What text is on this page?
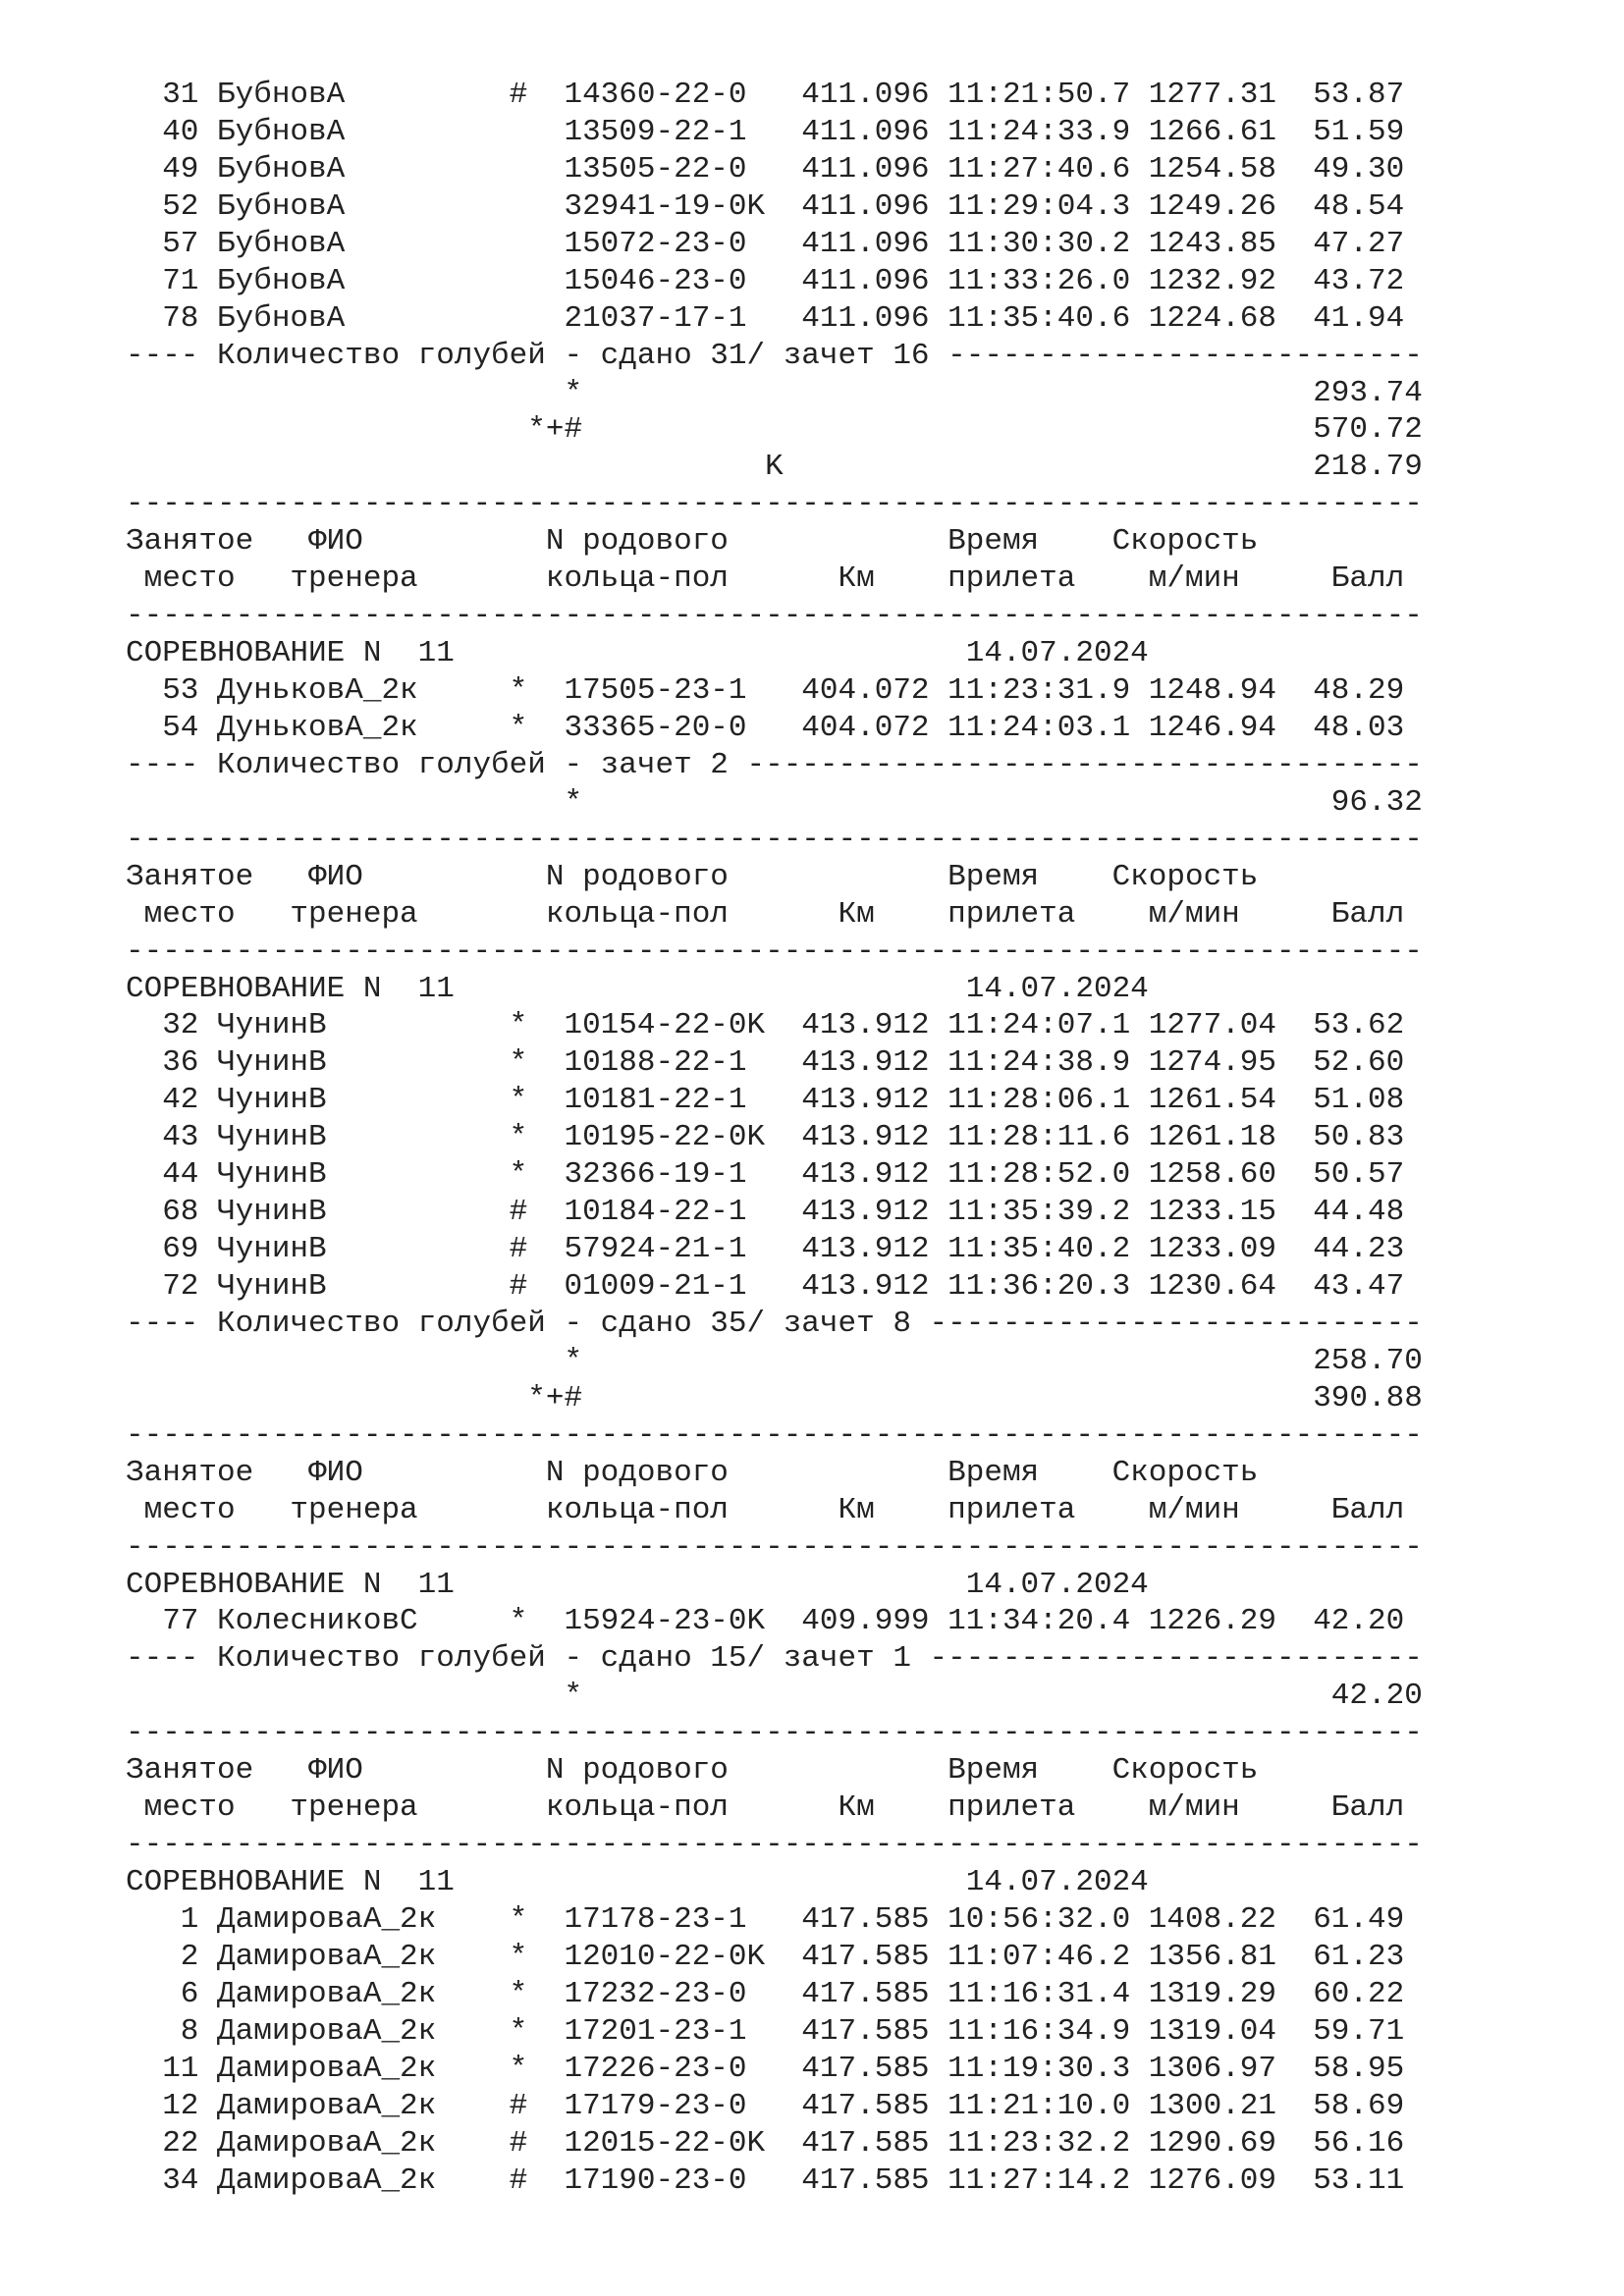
31 БубновА         #  14360-22-0   411.096 11:21:50.7 1277.31  53.87
40 БубновА            13509-22-1   411.096 11:24:33.9 1266.61  51.59
49 БубновА            13505-22-0   411.096 11:27:40.6 1254.58  49.30
52 БубновА            32941-19-0K  411.096 11:29:04.3 1249.26  48.54
57 БубновА            15072-23-0   411.096 11:30:30.2 1243.85  47.27
71 БубновА            15046-23-0   411.096 11:33:26.0 1232.92  43.72
78 БубновА            21037-17-1   411.096 11:35:40.6 1224.68  41.94
---- Количество голубей - сдано 31/ зачет 16 --------------------------
*                                        293.74
*+#                                        570.72
K                             218.79
-----------------------------------------------------------------------
Занятое   ФИО          N родового            Время    Скорость
место   тренера       кольца-пол      Км    прилета    м/мин     Балл
-----------------------------------------------------------------------
СОРЕВНОВАНИЕ N  11                            14.07.2024
53 ДуньковА_2к     *  17505-23-1   404.072 11:23:31.9 1248.94  48.29
54 ДуньковА_2к     *  33365-20-0   404.072 11:24:03.1 1246.94  48.03
---- Количество голубей - зачет 2 -------------------------------------
*                                         96.32
-----------------------------------------------------------------------
Занятое   ФИО          N родового            Время    Скорость
место   тренера       кольца-пол      Км    прилета    м/мин     Балл
-----------------------------------------------------------------------
СОРЕВНОВАНИЕ N  11                            14.07.2024
32 ЧунинВ          *  10154-22-0K  413.912 11:24:07.1 1277.04  53.62
36 ЧунинВ          *  10188-22-1   413.912 11:24:38.9 1274.95  52.60
42 ЧунинВ          *  10181-22-1   413.912 11:28:06.1 1261.54  51.08
43 ЧунинВ          *  10195-22-0K  413.912 11:28:11.6 1261.18  50.83
44 ЧунинВ          *  32366-19-1   413.912 11:28:52.0 1258.60  50.57
68 ЧунинВ          #  10184-22-1   413.912 11:35:39.2 1233.15  44.48
69 ЧунинВ          #  57924-21-1   413.912 11:35:40.2 1233.09  44.23
72 ЧунинВ          #  01009-21-1   413.912 11:36:20.3 1230.64  43.47
---- Количество голубей - сдано 35/ зачет 8 ---------------------------
*                                        258.70
*+#                                        390.88
-----------------------------------------------------------------------
Занятое   ФИО          N родового            Время    Скорость
место   тренера       кольца-пол      Км    прилета    м/мин     Балл
-----------------------------------------------------------------------
СОРЕВНОВАНИЕ N  11                            14.07.2024
77 КолесниковС     *  15924-23-0K  409.999 11:34:20.4 1226.29  42.20
---- Количество голубей - сдано 15/ зачет 1 ---------------------------
*                                         42.20
-----------------------------------------------------------------------
Занятое   ФИО          N родового            Время    Скорость
место   тренера       кольца-пол      Км    прилета    м/мин     Балл
-----------------------------------------------------------------------
СОРЕВНОВАНИЕ N  11                            14.07.2024
1 ДамироваА_2к    *  17178-23-1   417.585 10:56:32.0 1408.22  61.49
2 ДамироваА_2к    *  12010-22-0K  417.585 11:07:46.2 1356.81  61.23
6 ДамироваА_2к    *  17232-23-0   417.585 11:16:31.4 1319.29  60.22
8 ДамироваА_2к    *  17201-23-1   417.585 11:16:34.9 1319.04  59.71
11 ДамироваА_2к    *  17226-23-0   417.585 11:19:30.3 1306.97  58.95
12 ДамироваА_2к    #  17179-23-0   417.585 11:21:10.0 1300.21  58.69
22 ДамироваА_2к    #  12015-22-0K  417.585 11:23:32.2 1290.69  56.16
34 ДамироваА_2к    #  17190-23-0   417.585 11:27:14.2 1276.09  53.11
